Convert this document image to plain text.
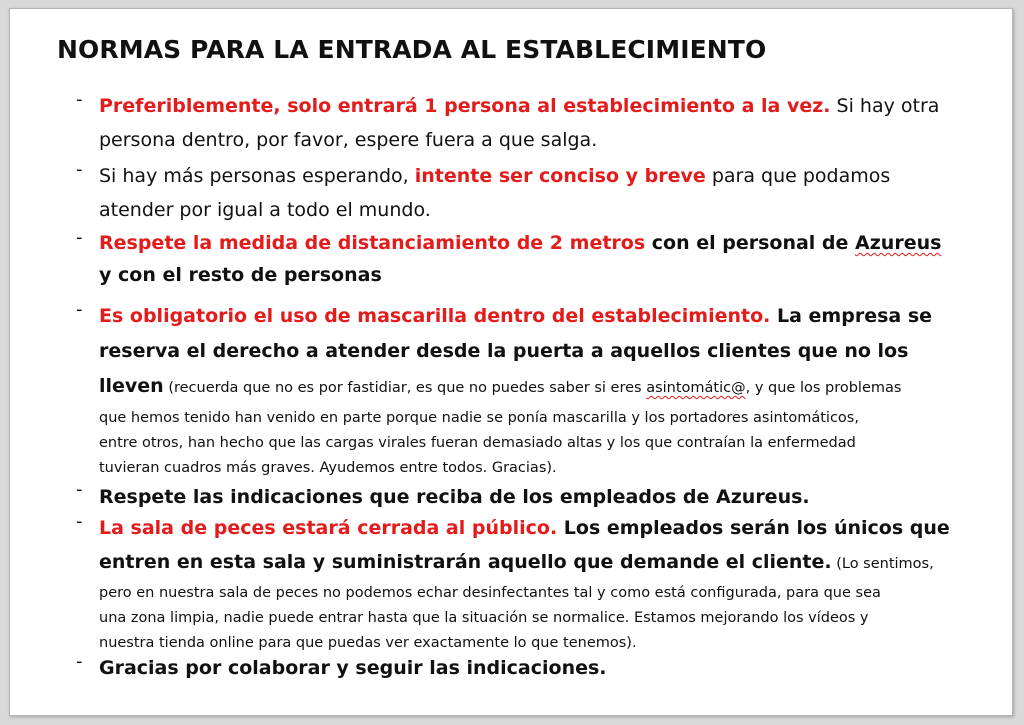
NORMAS PARA LA ENTRADA AL ESTABLECIMIENTO
- Preferiblemente, solo entrará 1 persona al establecimiento a la vez. Si hay otra
persona dentro, por favor, espere fuera a que salga.
- Si hay más personas esperando, intente ser conciso y breve para que podamos
atender por igual a todo el mundo.
- Respete la medida de distanciamiento de 2 metros con el personal de Azureus
y con el resto de personas
- Es obligatorio el uso de mascarilla dentro del establecimiento. La empresa se
reserva el derecho a atender desde la puerta a aquellos clientes que no los
lleven (recuerda que no es por fastidiar, es que no puedes saber si eres asintomátic@, y que los problemas
que hemos tenido han venido en parte porque nadie se ponía mascarilla y los portadores asintomáticos,
entre otros, han hecho que las cargas virales fueran demasiado altas y los que contraían la enfermedad
tuvieran cuadros más graves. Ayudemos entre todos. Gracias).
- Respete las indicaciones que reciba de los empleados de Azureus.
- La sala de peces estará cerrada al público. Los empleados serán los únicos que
entren en esta sala y suministrarán aquello que demande el cliente. (Lo sentimos,
pero en nuestra sala de peces no podemos echar desinfectantes tal y como está configurada, para que sea
una zona limpia, nadie puede entrar hasta que la situación se normalice. Estamos mejorando los vídeos y
nuestra tienda online para que puedas ver exactamente lo que tenemos).
- Gracias por colaborar y seguir las indicaciones.
